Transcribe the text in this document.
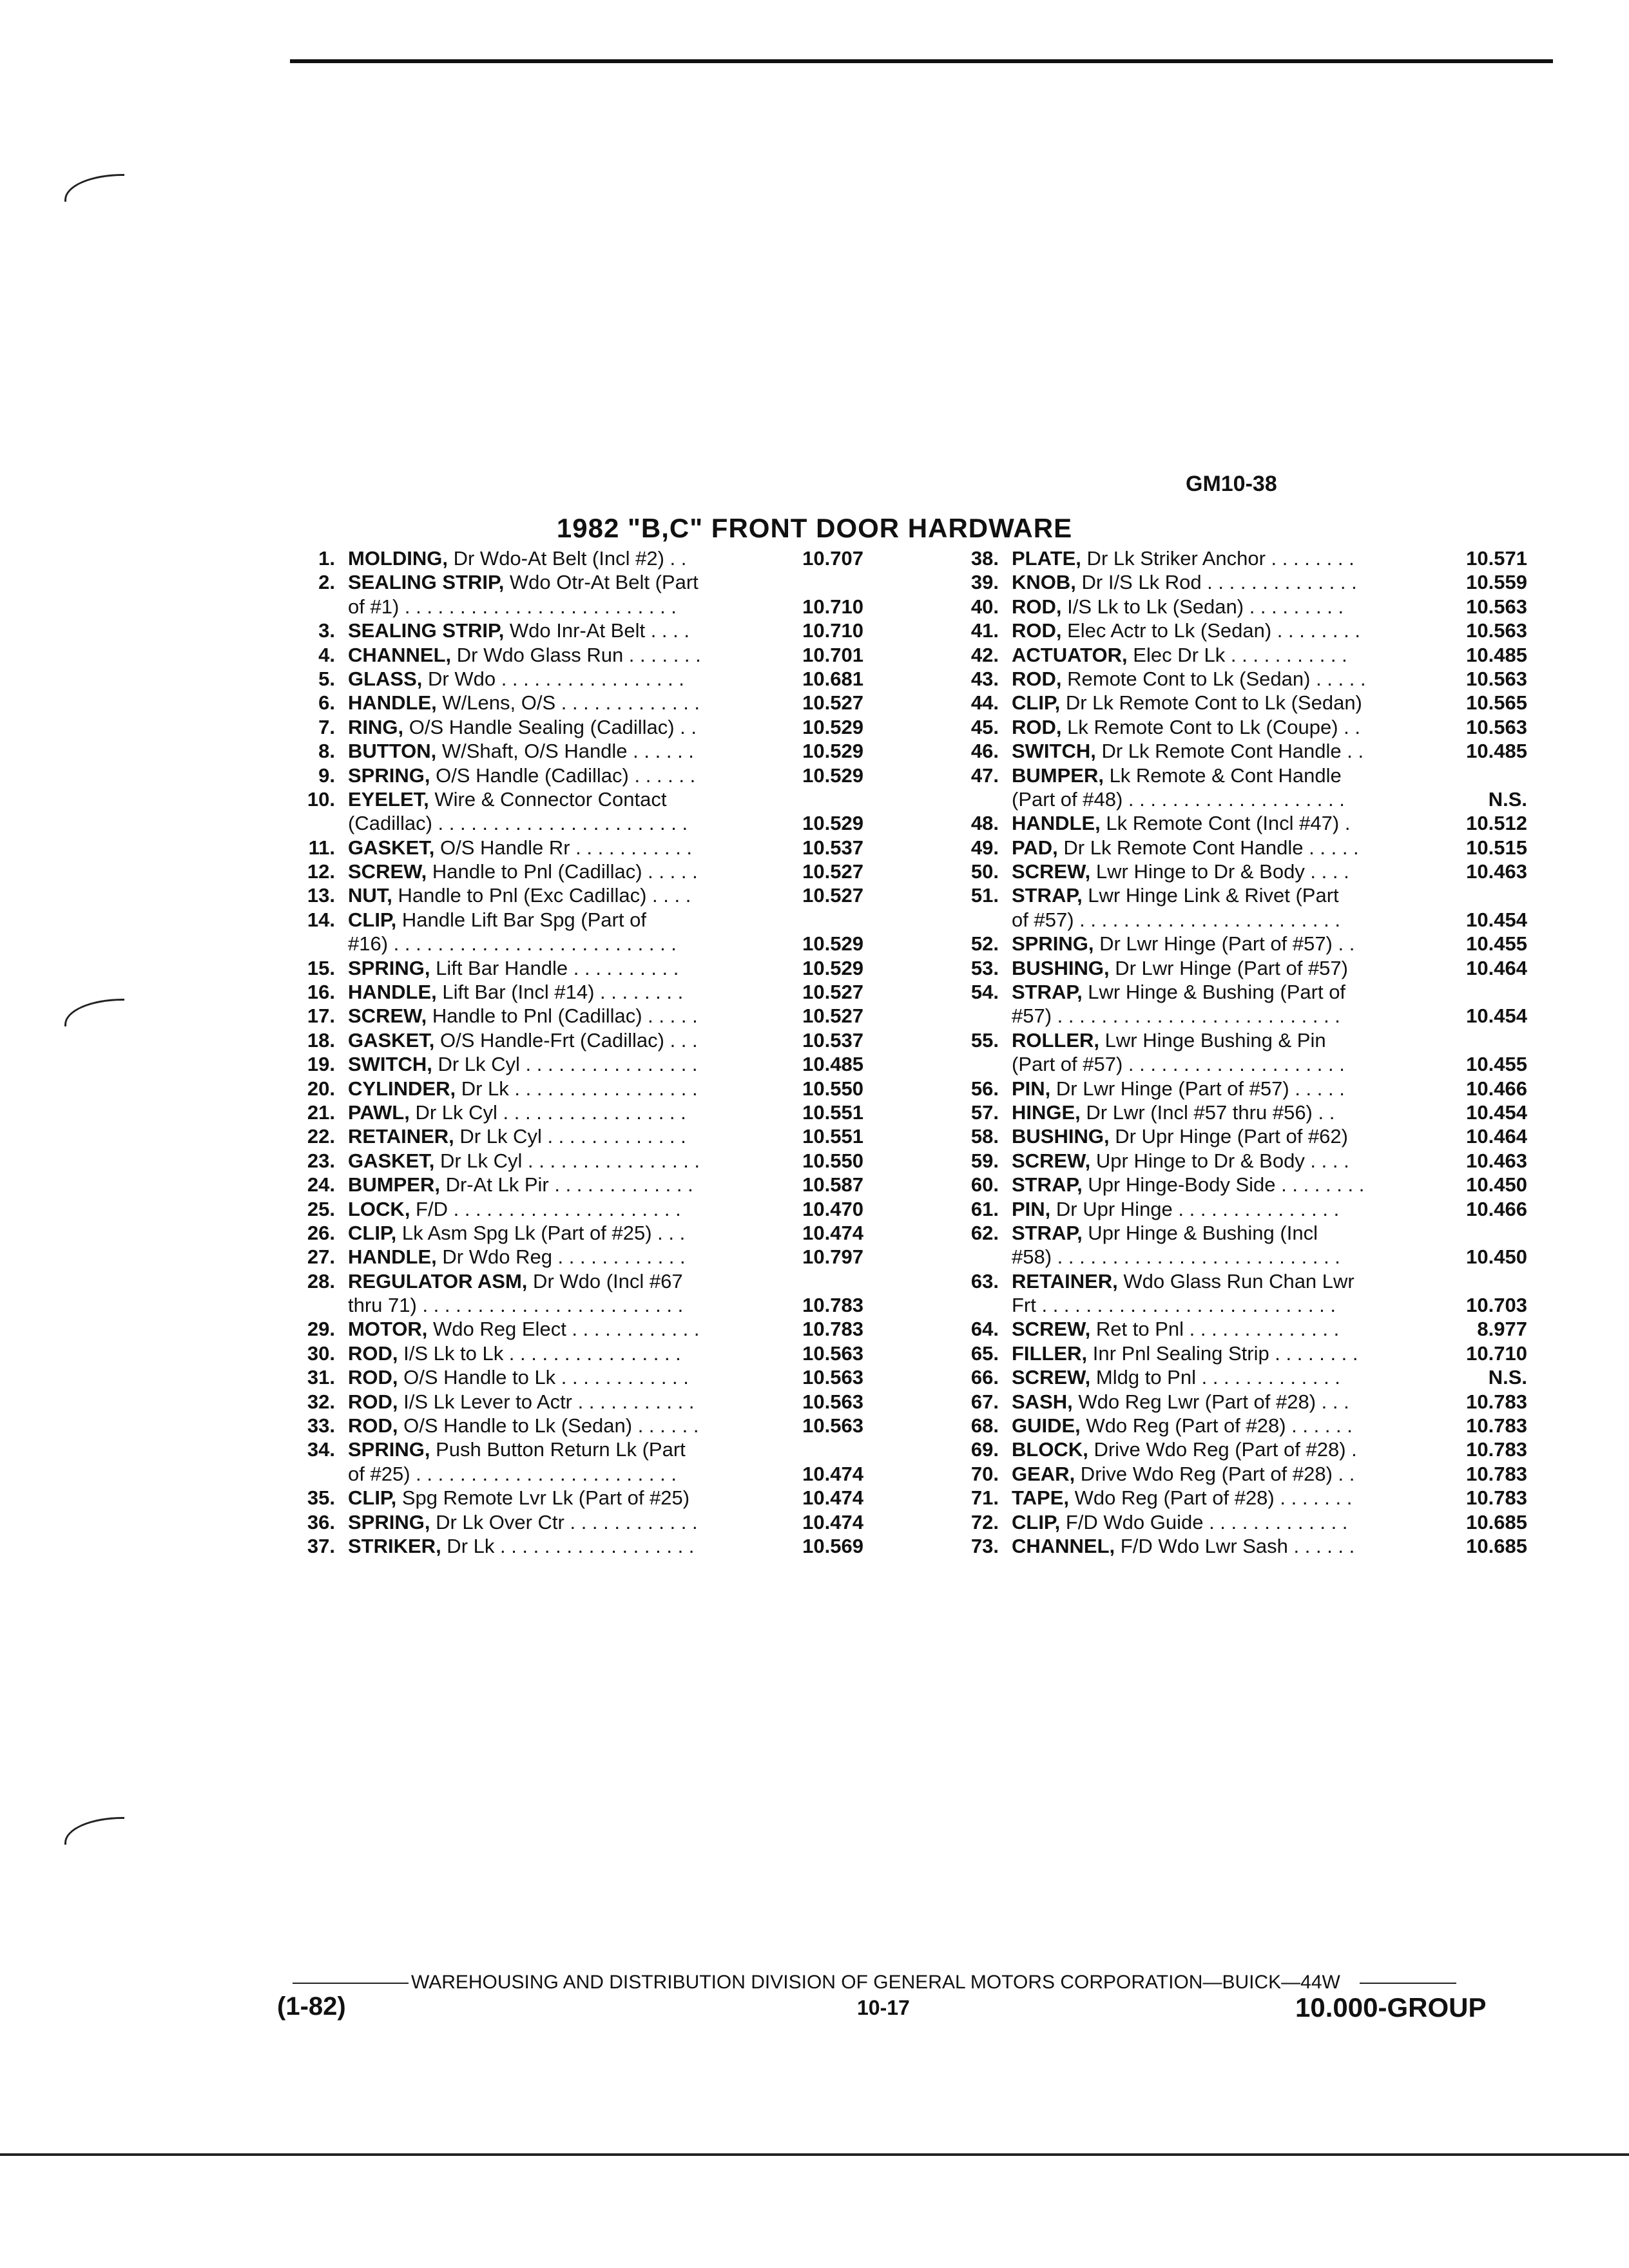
GM10-38
1982 "B,C" FRONT DOOR HARDWARE
1. MOLDING, Dr Wdo-At Belt (Incl #2) . .	10.707
2. SEALING STRIP, Wdo Otr-At Belt (Part
of #1) . . . . . . . . . . . . . . . . . . . . . . . . .	10.710
3. SEALING STRIP, Wdo Inr-At Belt . . . .	10.710
4. CHANNEL, Dr Wdo Glass Run . . . . . . .	10.701
5. GLASS, Dr Wdo . . . . . . . . . . . . . . . . .	10.681
6. HANDLE, W/Lens, O/S . . . . . . . . . . . . .	10.527
7. RING, O/S Handle Sealing (Cadillac) . .	10.529
8. BUTTON, W/Shaft, O/S Handle . . . . . .	10.529
9. SPRING, O/S Handle (Cadillac) . . . . . .	10.529
10. EYELET, Wire & Connector Contact
(Cadillac) . . . . . . . . . . . . . . . . . . . . . . .	10.529
11. GASKET, O/S Handle Rr . . . . . . . . . . .	10.537
12. SCREW, Handle to Pnl (Cadillac) . . . . .	10.527
13. NUT, Handle to Pnl (Exc Cadillac) . . . .	10.527
14. CLIP, Handle Lift Bar Spg (Part of
#16) . . . . . . . . . . . . . . . . . . . . . . . . . .	10.529
15. SPRING, Lift Bar Handle . . . . . . . . . .	10.529
16. HANDLE, Lift Bar (Incl #14) . . . . . . . .	10.527
17. SCREW, Handle to Pnl (Cadillac) . . . . .	10.527
18. GASKET, O/S Handle-Frt (Cadillac) . . .	10.537
19. SWITCH, Dr Lk Cyl . . . . . . . . . . . . . . . .	10.485
20. CYLINDER, Dr Lk . . . . . . . . . . . . . . . . .	10.550
21. PAWL, Dr Lk Cyl . . . . . . . . . . . . . . . . .	10.551
22. RETAINER, Dr Lk Cyl . . . . . . . . . . . . .	10.551
23. GASKET, Dr Lk Cyl . . . . . . . . . . . . . . . .	10.550
24. BUMPER, Dr-At Lk Pir . . . . . . . . . . . . .	10.587
25. LOCK, F/D . . . . . . . . . . . . . . . . . . . . .	10.470
26. CLIP, Lk Asm Spg Lk (Part of #25) . . .	10.474
27. HANDLE, Dr Wdo Reg . . . . . . . . . . . .	10.797
28. REGULATOR ASM, Dr Wdo (Incl #67
thru 71) . . . . . . . . . . . . . . . . . . . . . . . .	10.783
29. MOTOR, Wdo Reg Elect . . . . . . . . . . . .	10.783
30. ROD, I/S Lk to Lk . . . . . . . . . . . . . . . .	10.563
31. ROD, O/S Handle to Lk . . . . . . . . . . . .	10.563
32. ROD, I/S Lk Lever to Actr . . . . . . . . . . .	10.563
33. ROD, O/S Handle to Lk (Sedan) . . . . . .	10.563
34. SPRING, Push Button Return Lk (Part
of #25) . . . . . . . . . . . . . . . . . . . . . . . .	10.474
35. CLIP, Spg Remote Lvr Lk (Part of #25)	10.474
36. SPRING, Dr Lk Over Ctr . . . . . . . . . . . .	10.474
37. STRIKER, Dr Lk . . . . . . . . . . . . . . . . . .	10.569
38. PLATE, Dr Lk Striker Anchor . . . . . . . .	10.571
39. KNOB, Dr I/S Lk Rod . . . . . . . . . . . . . .	10.559
40. ROD, I/S Lk to Lk (Sedan) . . . . . . . . .	10.563
41. ROD, Elec Actr to Lk (Sedan) . . . . . . . .	10.563
42. ACTUATOR, Elec Dr Lk . . . . . . . . . . .	10.485
43. ROD, Remote Cont to Lk (Sedan) . . . . .	10.563
44. CLIP, Dr Lk Remote Cont to Lk (Sedan)	10.565
45. ROD, Lk Remote Cont to Lk (Coupe) . .	10.563
46. SWITCH, Dr Lk Remote Cont Handle . .	10.485
47. BUMPER, Lk Remote & Cont Handle
(Part of #48) . . . . . . . . . . . . . . . . . . . .	N.S.
48. HANDLE, Lk Remote Cont (Incl #47) .	10.512
49. PAD, Dr Lk Remote Cont Handle . . . . .	10.515
50. SCREW, Lwr Hinge to Dr & Body . . . .	10.463
51. STRAP, Lwr Hinge Link & Rivet (Part
of #57) . . . . . . . . . . . . . . . . . . . . . . . .	10.454
52. SPRING, Dr Lwr Hinge (Part of #57) . .	10.455
53. BUSHING, Dr Lwr Hinge (Part of #57)	10.464
54. STRAP, Lwr Hinge & Bushing (Part of
#57) . . . . . . . . . . . . . . . . . . . . . . . . . .	10.454
55. ROLLER, Lwr Hinge Bushing & Pin
(Part of #57) . . . . . . . . . . . . . . . . . . . .	10.455
56. PIN, Dr Lwr Hinge (Part of #57) . . . . .	10.466
57. HINGE, Dr Lwr (Incl #57 thru #56) . .	10.454
58. BUSHING, Dr Upr Hinge (Part of #62)	10.464
59. SCREW, Upr Hinge to Dr & Body . . . .	10.463
60. STRAP, Upr Hinge-Body Side . . . . . . . .	10.450
61. PIN, Dr Upr Hinge . . . . . . . . . . . . . . .	10.466
62. STRAP, Upr Hinge & Bushing (Incl
#58) . . . . . . . . . . . . . . . . . . . . . . . . . .	10.450
63. RETAINER, Wdo Glass Run Chan Lwr
Frt . . . . . . . . . . . . . . . . . . . . . . . . . . .	10.703
64. SCREW, Ret to Pnl . . . . . . . . . . . . . .	8.977
65. FILLER, Inr Pnl Sealing Strip . . . . . . . .	10.710
66. SCREW, Mldg to Pnl . . . . . . . . . . . . .	N.S.
67. SASH, Wdo Reg Lwr (Part of #28) . . .	10.783
68. GUIDE, Wdo Reg (Part of #28) . . . . . .	10.783
69. BLOCK, Drive Wdo Reg (Part of #28) .	10.783
70. GEAR, Drive Wdo Reg (Part of #28) . .	10.783
71. TAPE, Wdo Reg (Part of #28) . . . . . . .	10.783
72. CLIP, F/D Wdo Guide . . . . . . . . . . . . .	10.685
73. CHANNEL, F/D Wdo Lwr Sash . . . . . .	10.685
WAREHOUSING AND DISTRIBUTION DIVISION OF GENERAL MOTORS CORPORATION—BUICK—44W
(1-82)	10-17	10.000-GROUP
